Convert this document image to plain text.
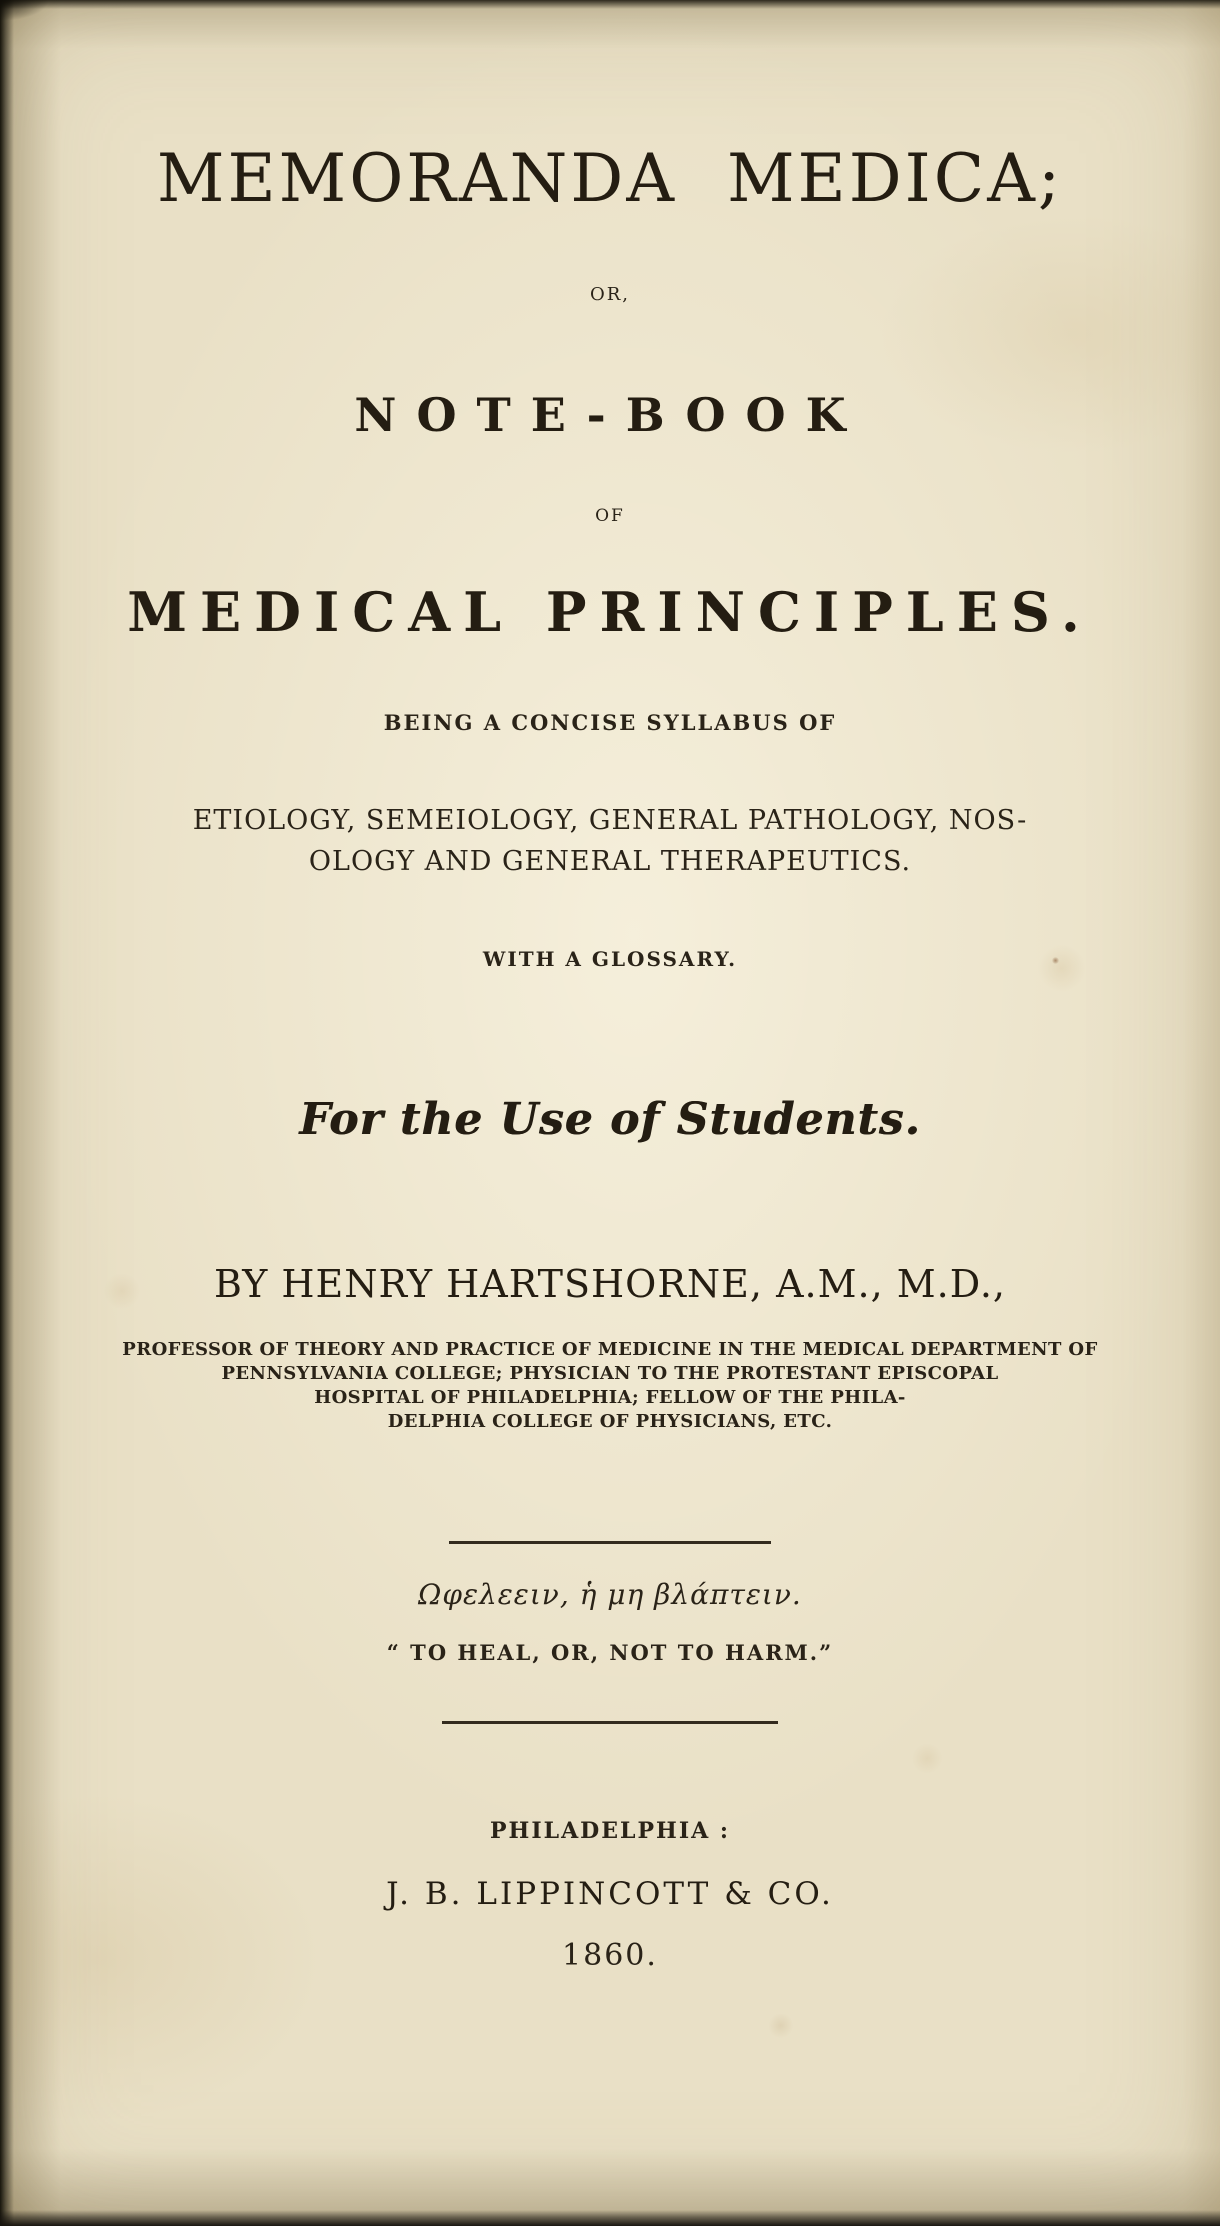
MEMORANDA MEDICA;
OR,
NOTE-BOOK
OF
MEDICAL PRINCIPLES.
BEING A CONCISE SYLLABUS OF
ETIOLOGY, SEMEIOLOGY, GENERAL PATHOLOGY, NOS-
OLOGY AND GENERAL THERAPEUTICS.
WITH A GLOSSARY.
For the Use of Students.
BY HENRY HARTSHORNE, A.M., M.D.,
PROFESSOR OF THEORY AND PRACTICE OF MEDICINE IN THE MEDICAL DEPARTMENT OF
PENNSYLVANIA COLLEGE; PHYSICIAN TO THE PROTESTANT EPISCOPAL
HOSPITAL OF PHILADELPHIA; FELLOW OF THE PHILA-
DELPHIA COLLEGE OF PHYSICIANS, ETC.
Ωφελεειν, ἡ μη βλάπτειν.
“ TO HEAL, OR, NOT TO HARM.”
PHILADELPHIA :
J. B. LIPPINCOTT & CO.
1860.
